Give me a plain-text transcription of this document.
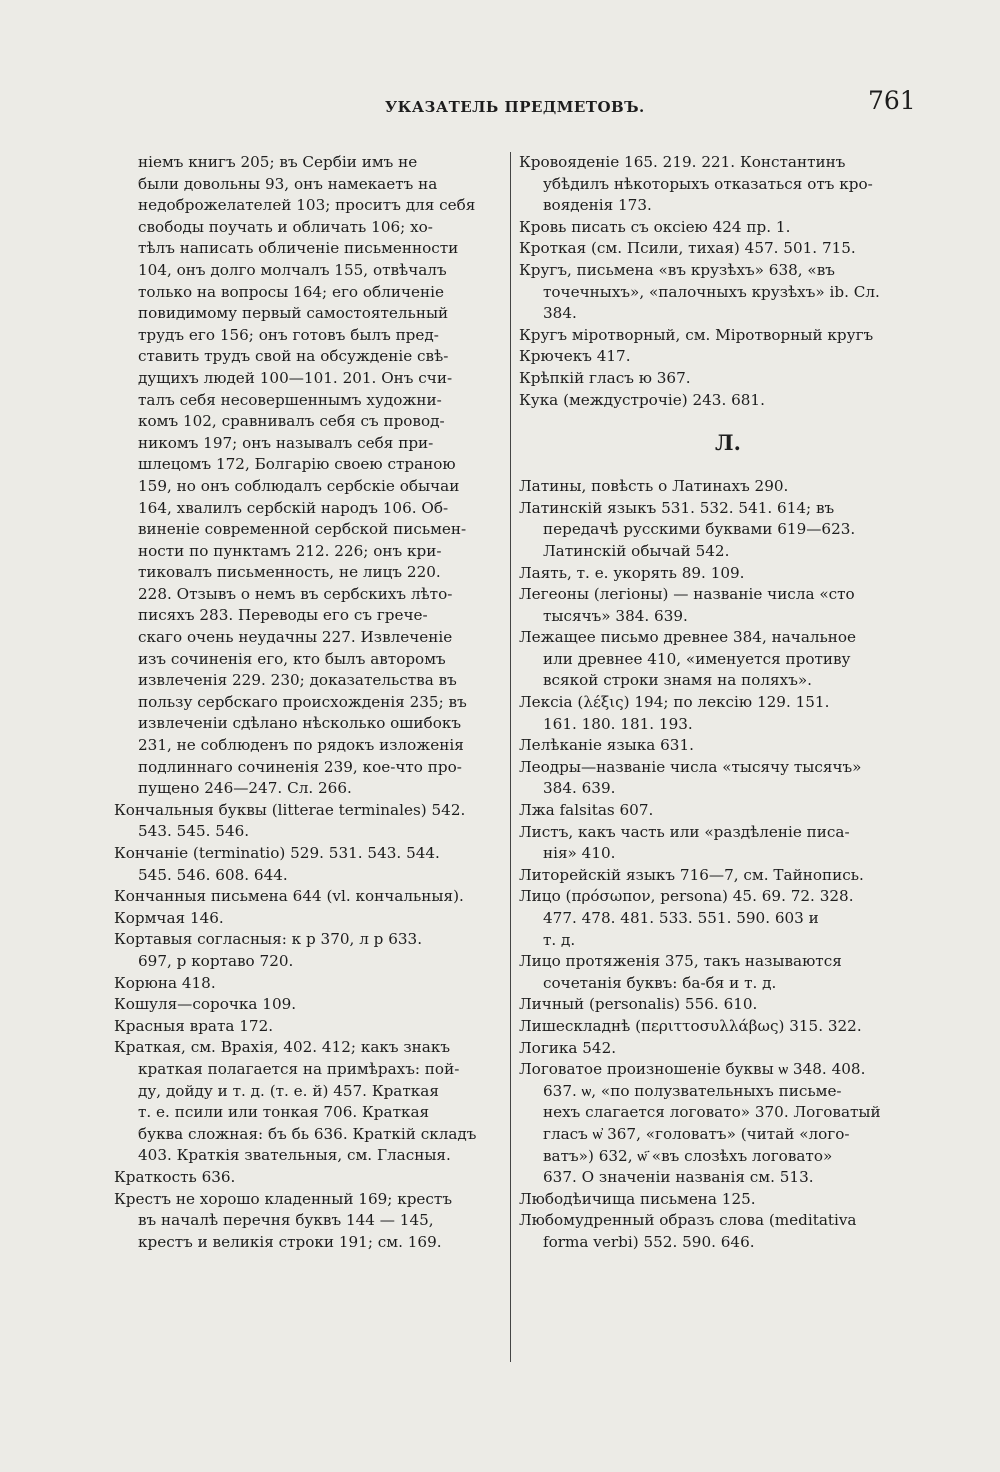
УКАЗАТЕЛЬ ПРЕДМЕТОВЪ.	761
ніемъ книгъ 205; въ Сербіи имъ не
были довольны 93, онъ намекаетъ на
недоброжелателей 103; проситъ для себя
свободы поучать и обличать 106; хо-
тѣлъ написать обличеніе письменности
104, онъ долго молчалъ 155, отвѣчалъ
только на вопросы 164; его обличеніе
повидимому первый самостоятельный
трудъ его 156; онъ готовъ былъ пред-
ставить трудъ свой на обсужденіе свѣ-
дущихъ людей 100—101. 201. Онъ счи-
талъ себя несовершеннымъ художни-
комъ 102, сравнивалъ себя съ провод-
никомъ 197; онъ называлъ себя при-
шлецомъ 172, Болгарію своею страною
159, но онъ соблюдалъ сербскіе обычаи
164, хвалилъ сербскій народъ 106. Об-
виненіе современной сербской письмен-
ности по пунктамъ 212. 226; онъ кри-
тиковалъ письменность, не лицъ 220.
228. Отзывъ о немъ въ сербскихъ лѣто-
писяхъ 283. Переводы его съ грече-
скаго очень неудачны 227. Извлеченіе
изъ сочиненія его, кто былъ авторомъ
извлеченія 229. 230; доказательства въ
пользу сербскаго происхожденія 235; въ
извлеченіи сдѣлано нѣсколько ошибокъ
231, не соблюденъ по рядокъ изложенія
подлиннаго сочиненія 239, кое-что про-
пущено 246—247. Сл. 266.
Кончальныя буквы (litterae terminales) 542.
543. 545. 546.
Кончаніе (terminatio) 529. 531. 543. 544.
545. 546. 608. 644.
Кончанныя письмена 644 (vl. кончальныя).
Кормчая 146.
Кортавыя согласныя: к р 370, л р 633.
697, р кортаво 720.
Корюна 418.
Кошуля—сорочка 109.
Красныя врата 172.
Краткая, см. Врахія, 402. 412; какъ знакъ
краткая полагается на примѣрахъ: пой-
ду, дойду и т. д. (т. е. й) 457. Краткая
т. е. псили или тонкая 706. Краткая
буква сложная: бъ бь 636. Краткій складъ
403. Краткія звательныя, см. Гласныя.
Краткость 636.
Крестъ не хорошо кладенный 169; крестъ
въ началѣ перечня буквъ 144 — 145,
крестъ и великія строки 191; см. 169.
Кровояденіе 165. 219. 221. Константинъ
убѣдилъ нѣкоторыхъ отказаться отъ кро-
вояденія 173.
Кровь писать съ оксіею 424 пр. 1.
Кроткая (см. Псили, тихая) 457. 501. 715.
Кругъ, письмена «въ крузѣхъ» 638, «въ
точечныхъ», «палочныхъ крузѣхъ» ib. Сл.
384.
Кругъ міротворный, см. Міротворный кругъ
Крючекъ 417.
Крѣпкій гласъ ю 367.
Кука (междустрочіе) 243. 681.
Л.
Латины, повѣсть о Латинахъ 290.
Латинскій языкъ 531. 532. 541. 614; въ
передачѣ русскими буквами 619—623.
Латинскій обычай 542.
Лаять, т. е. укорять 89. 109.
Легеоны (легіоны) — названіе числа «сто
тысячъ» 384. 639.
Лежащее письмо древнее 384, начальное
или древнее 410, «именуется противу
всякой строки знамя на поляхъ».
Лексіа (λέξις) 194; по лексію 129. 151.
161. 180. 181. 193.
Лелѣканіе языка 631.
Леодры—названіе числа «тысячу тысячъ»
384. 639.
Лжа falsitas 607.
Листъ, какъ часть или «раздѣленіе писа-
нія» 410.
Литорейскій языкъ 716—7, см. Тайнопись.
Лицо (πρόσωπον, persona) 45. 69. 72. 328.
477. 478. 481. 533. 551. 590. 603 и
т. д.
Лицо протяженія 375, такъ называются
сочетанія буквъ: ба-бя и т. д.
Личный (personalis) 556. 610.
Лишескладнѣ (περιττοσυλλάβως) 315. 322.
Логика 542.
Логоватое произношеніе буквы ѡ 348. 408.
637. ѡ, «по полузвательныхъ письме-
нехъ слагается логовато» 370. Логоватый
гласъ ѡ҆ 367, «головатъ» (читай «лого-
ватъ») 632, ѡ҃ «въ слозѣхъ логовато»
637. О значеніи названія см. 513.
Любодѣичища письмена 125.
Любомудренный образъ слова (meditativa
forma verbi) 552. 590. 646.
